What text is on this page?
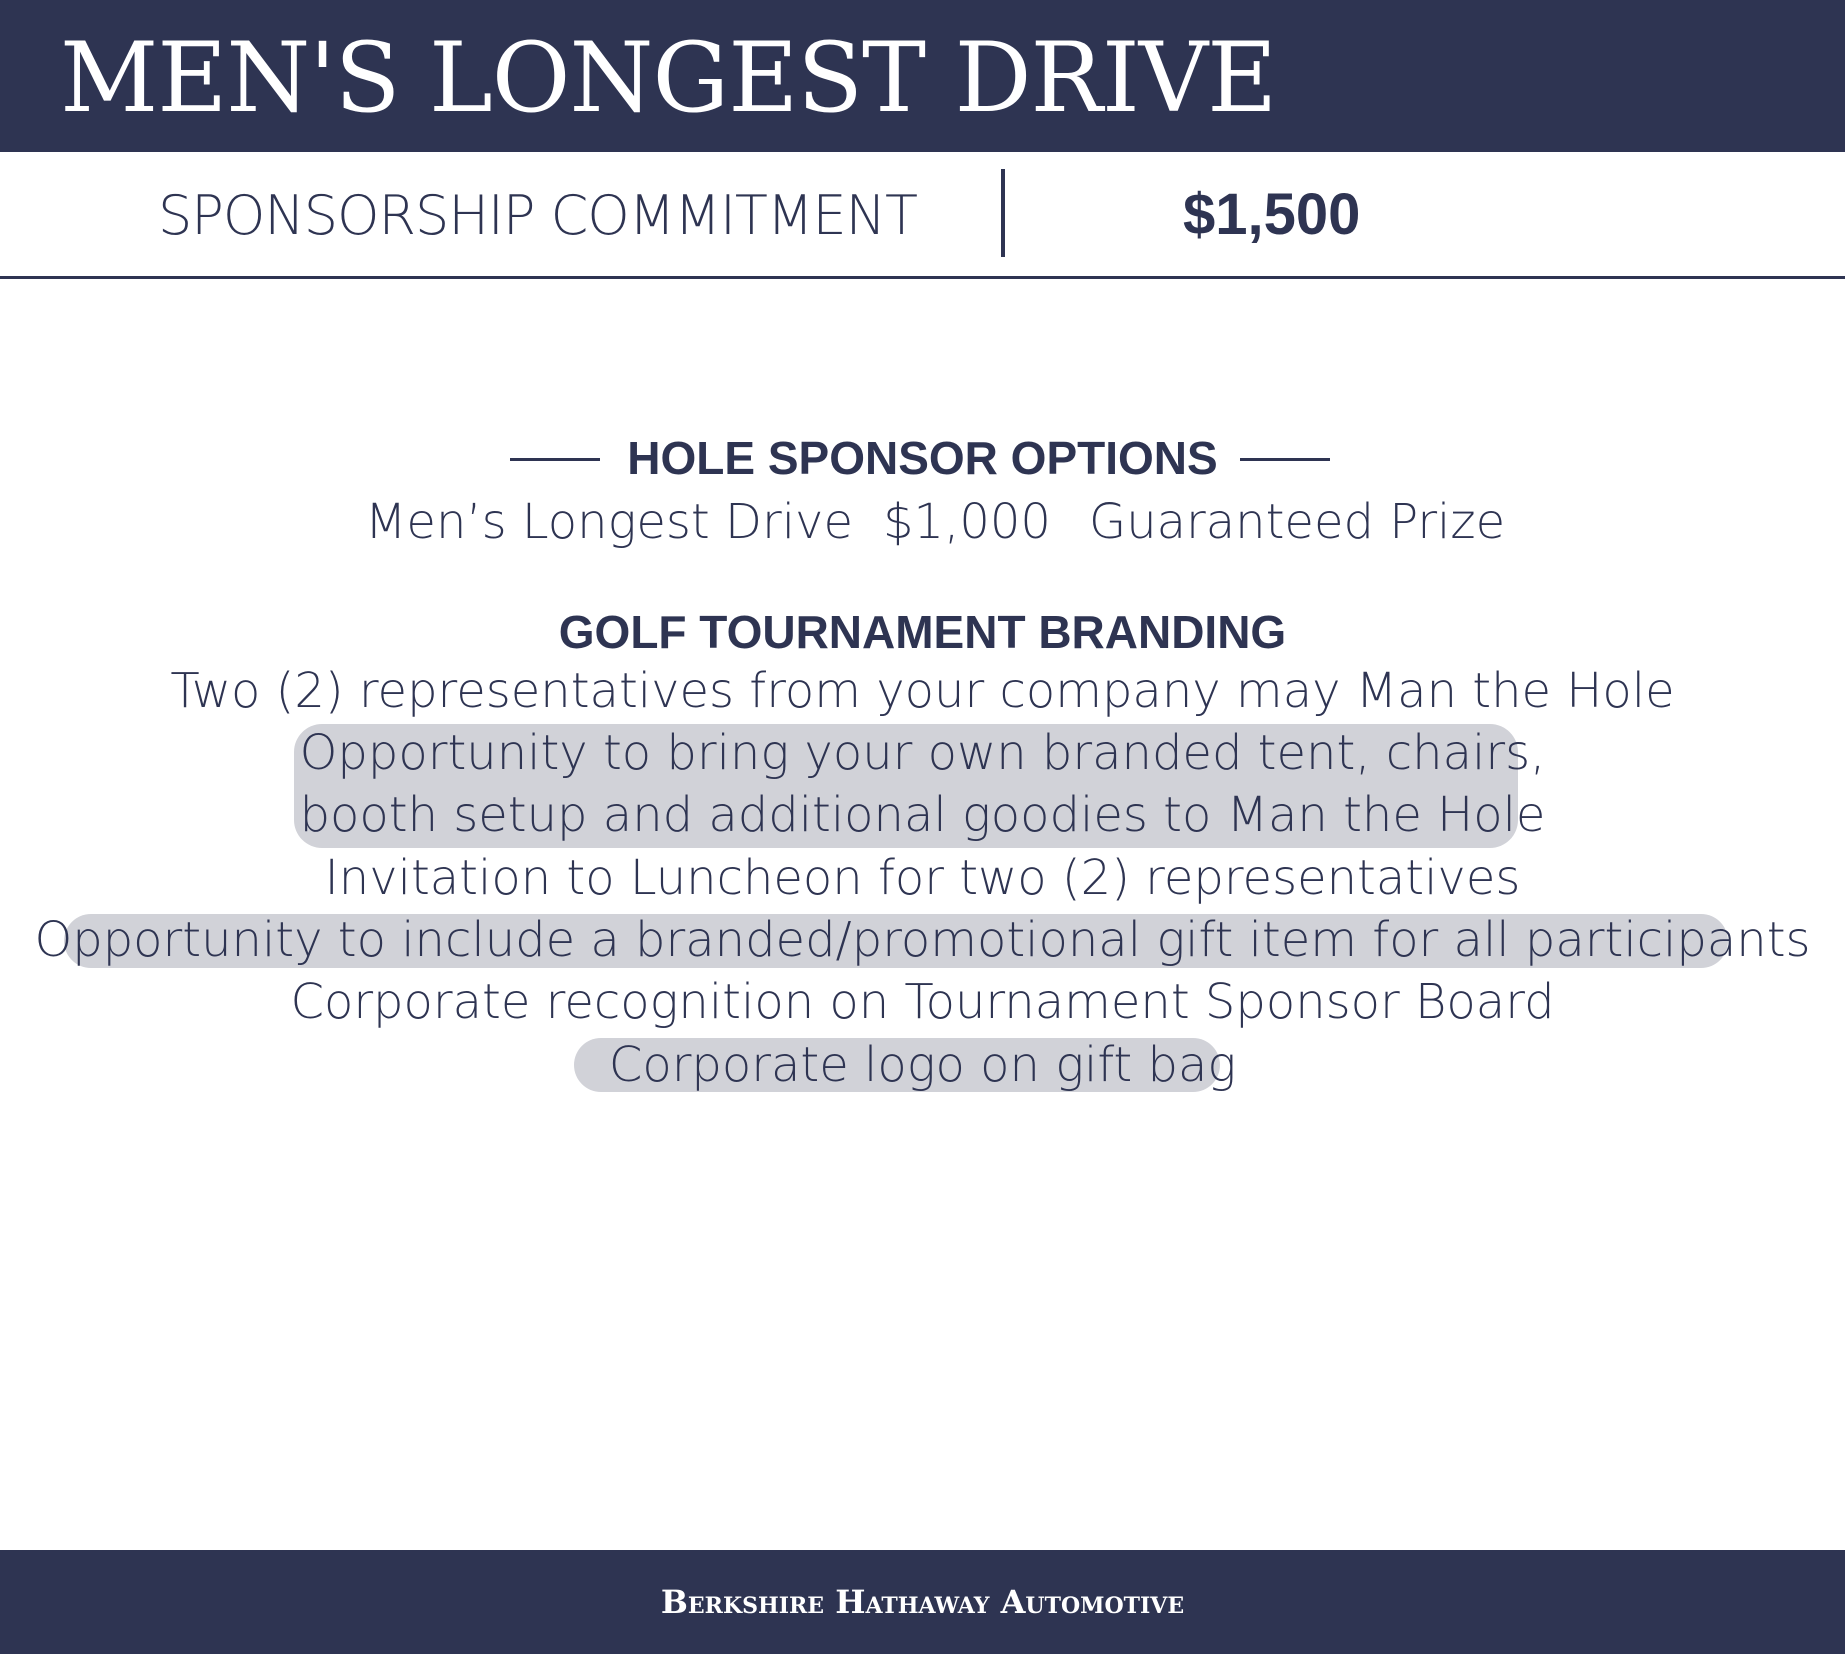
MEN'S LONGEST DRIVE
SPONSORSHIP COMMITMENT	$1,500
HOLE SPONSOR OPTIONS
Men’s Longest Drive $1,000 Guaranteed Prize
GOLF TOURNAMENT BRANDING
Two (2) representatives from your company may Man the Hole
Opportunity to bring your own branded tent, chairs,
booth setup and additional goodies to Man the Hole
Invitation to Luncheon for two (2) representatives
Opportunity to include a branded/promotional gift item for all participants
Corporate recognition on Tournament Sponsor Board
Corporate logo on gift bag
Berkshire Hathaway Automotive
